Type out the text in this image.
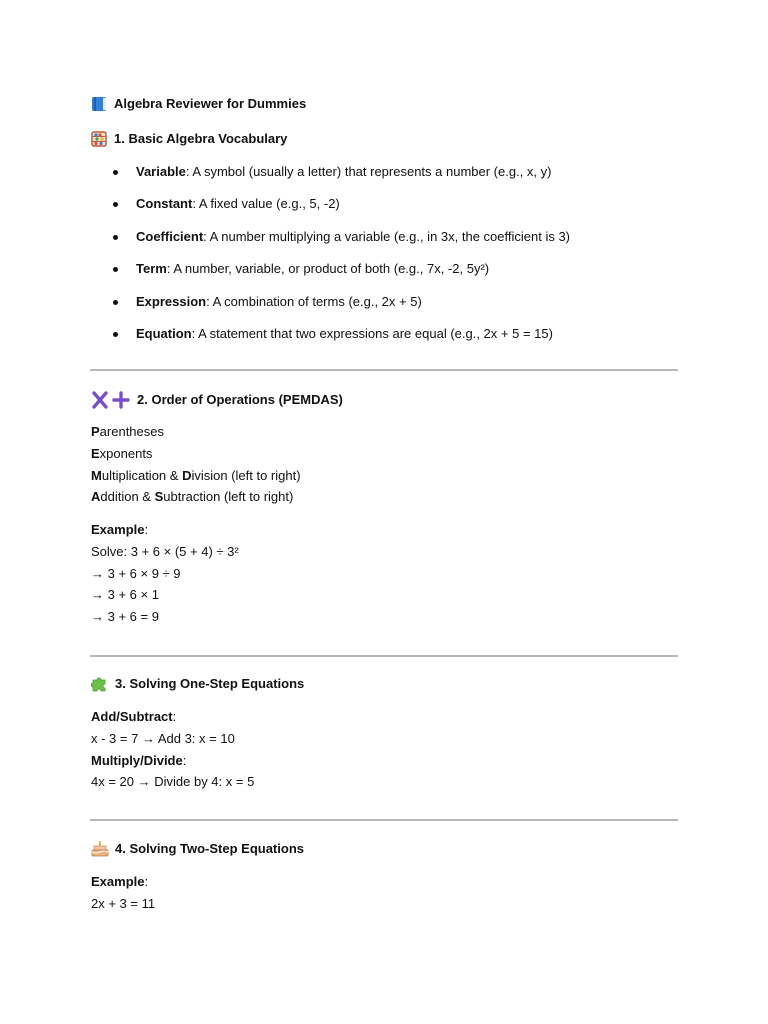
Algebra Reviewer for Dummies
1. Basic Algebra Vocabulary
Variable: A symbol (usually a letter) that represents a number (e.g., x, y)
Constant: A fixed value (e.g., 5, -2)
Coefficient: A number multiplying a variable (e.g., in 3x, the coefficient is 3)
Term: A number, variable, or product of both (e.g., 7x, -2, 5y²)
Expression: A combination of terms (e.g., 2x + 5)
Equation: A statement that two expressions are equal (e.g., 2x + 5 = 15)
2. Order of Operations (PEMDAS)
Parentheses
Exponents
Multiplication & Division (left to right)
Addition & Subtraction (left to right)
Example:
Solve: 3 + 6 × (5 + 4) ÷ 3²
→ 3 + 6 × 9 ÷ 9
→ 3 + 6 × 1
→ 3 + 6 = 9
3. Solving One-Step Equations
Add/Subtract:
x - 3 = 7 → Add 3: x = 10
Multiply/Divide:
4x = 20 → Divide by 4: x = 5
4. Solving Two-Step Equations
Example:
2x + 3 = 11
